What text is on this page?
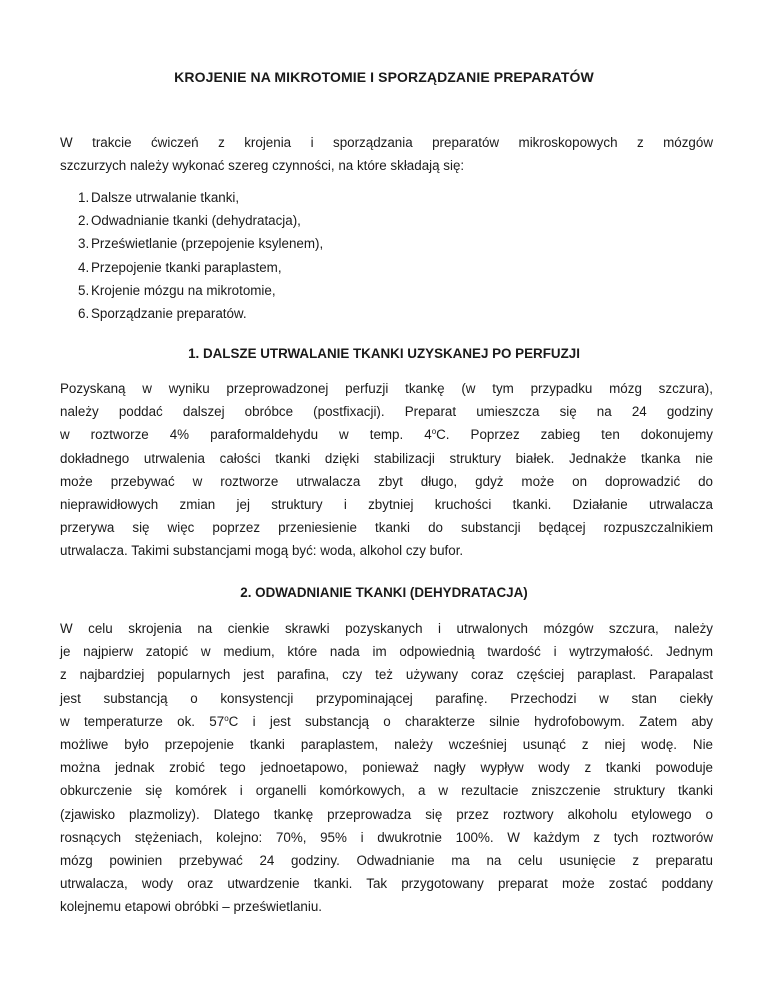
KROJENIE NA MIKROTOMIE I SPORZĄDZANIE PREPARATÓW
W trakcie ćwiczeń z krojenia i sporządzania preparatów mikroskopowych z mózgów
szczurzych należy wykonać szereg czynności, na które składają się:
1. Dalsze utrwalanie tkanki,
2. Odwadnianie tkanki (dehydratacja),
3. Prześwietlanie (przepojenie ksylenem),
4. Przepojenie tkanki paraplastem,
5. Krojenie mózgu na mikrotomie,
6. Sporządzanie preparatów.
1. DALSZE UTRWALANIE TKANKI UZYSKANEJ PO PERFUZJI
Pozyskaną w wyniku przeprowadzonej perfuzji tkankę (w tym przypadku mózg szczura),
należy poddać dalszej obróbce (postfixacji). Preparat umieszcza się na 24 godziny
w roztworze 4% paraformaldehydu w temp. 4$^o$C. Poprzez zabieg ten dokonujemy
dokładnego utrwalenia całości tkanki dzięki stabilizacji struktury białek. Jednakże tkanka nie
może przebywać w roztworze utrwalacza zbyt długo, gdyż może on doprowadzić do
nieprawidłowych zmian jej struktury i zbytniej kruchości tkanki. Działanie utrwalacza
przerywa się więc poprzez przeniesienie tkanki do substancji będącej rozpuszczalnikiem
utrwalacza. Takimi substancjami mogą być: woda, alkohol czy bufor.
2. ODWADNIANIE TKANKI (DEHYDRATACJA)
W celu skrojenia na cienkie skrawki pozyskanych i utrwalonych mózgów szczura, należy
je najpierw zatopić w medium, które nada im odpowiednią twardość i wytrzymałość. Jednym
z najbardziej popularnych jest parafina, czy też używany coraz częściej paraplast. Parapalast
jest substancją o konsystencji przypominającej parafinę. Przechodzi w stan ciekły
w temperaturze ok. 57$^o$C i jest substancją o charakterze silnie hydrofobowym. Zatem aby
możliwe było przepojenie tkanki paraplastem, należy wcześniej usunąć z niej wodę. Nie
można jednak zrobić tego jednoetapowo, ponieważ nagły wypływ wody z tkanki powoduje
obkurczenie się komórek i organelli komórkowych, a w rezultacie zniszczenie struktury tkanki
(zjawisko plazmolizy). Dlatego tkankę przeprowadza się przez roztwory alkoholu etylowego o
rosnących stężeniach, kolejno: 70%, 95% i dwukrotnie 100%. W każdym z tych roztworów
mózg powinien przebywać 24 godziny. Odwadnianie ma na celu usunięcie z preparatu
utrwalacza, wody oraz utwardzenie tkanki. Tak przygotowany preparat może zostać poddany
kolejnemu etapowi obróbki – prześwietlaniu.
